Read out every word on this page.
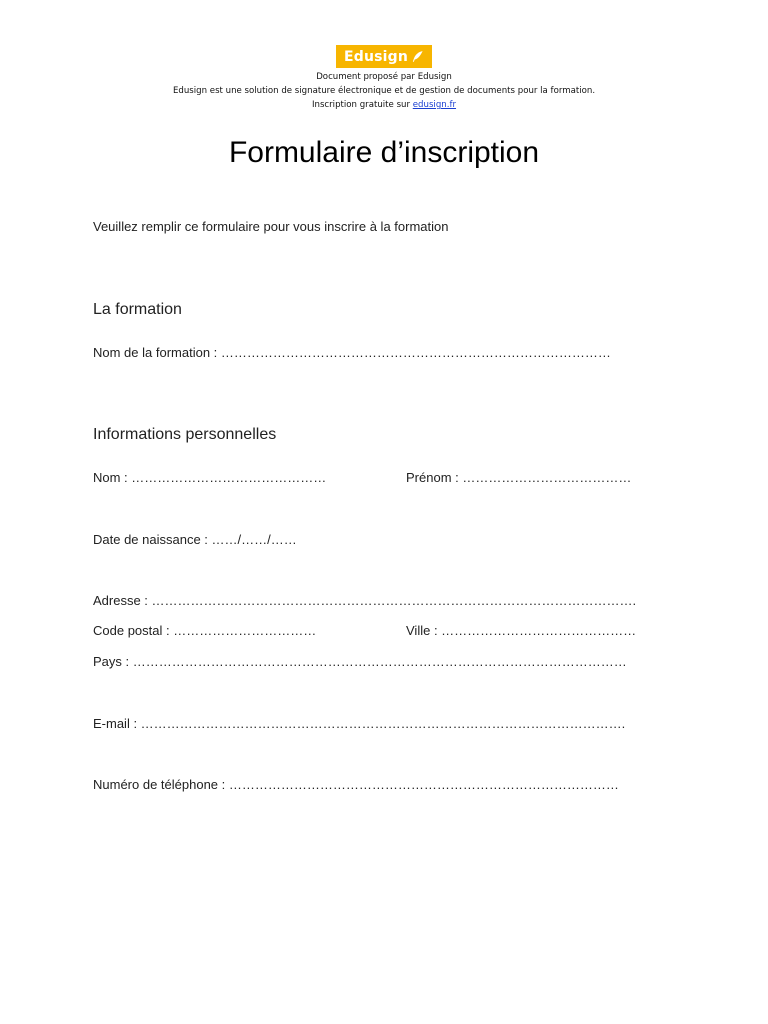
Edusign
Document proposé par Edusign
Edusign est une solution de signature électronique et de gestion de documents pour la formation.
Inscription gratuite sur edusign.fr
Formulaire d’inscription
Veuillez remplir ce formulaire pour vous inscrire à la formation
La formation
Nom de la formation : ………………………………………………………………………………
Informations personnelles
Nom : ………………………………………	Prénom : …………………………………
Date de naissance : ……/……/……
Adresse : ………………………………………………………………………………………………….
Code postal : ……………………………	Ville : ………………………………………
Pays : ……………………………………………………………………………………………………
E-mail : ………………………………………………………………………………………………….
Numéro de téléphone : ………………………………………………………………………………
